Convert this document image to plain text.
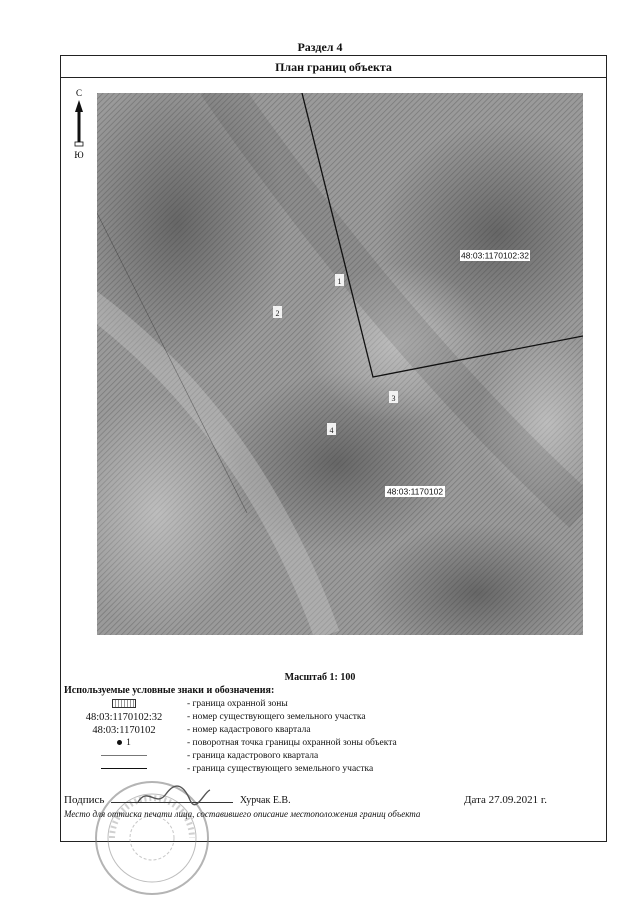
Раздел 4
План границ объекта
С
Ю
1
2
3
4
48:03:1170102:32
48:03:1170102
Масштаб 1: 100
Используемые условные знаки и обозначения:
- граница охранной зоны
48:03:1170102:32	- номер существующего земельного участка
48:03:1170102	- номер кадастрового квартала
1	- поворотная точка границы охранной зоны объекта
- граница кадастрового квартала
- граница существующего земельного участка
Подпись	Хурчак Е.В.	Дата 27.09.2021 г.
Место для оттиска печати лица, составившего описание местоположения границ объекта
